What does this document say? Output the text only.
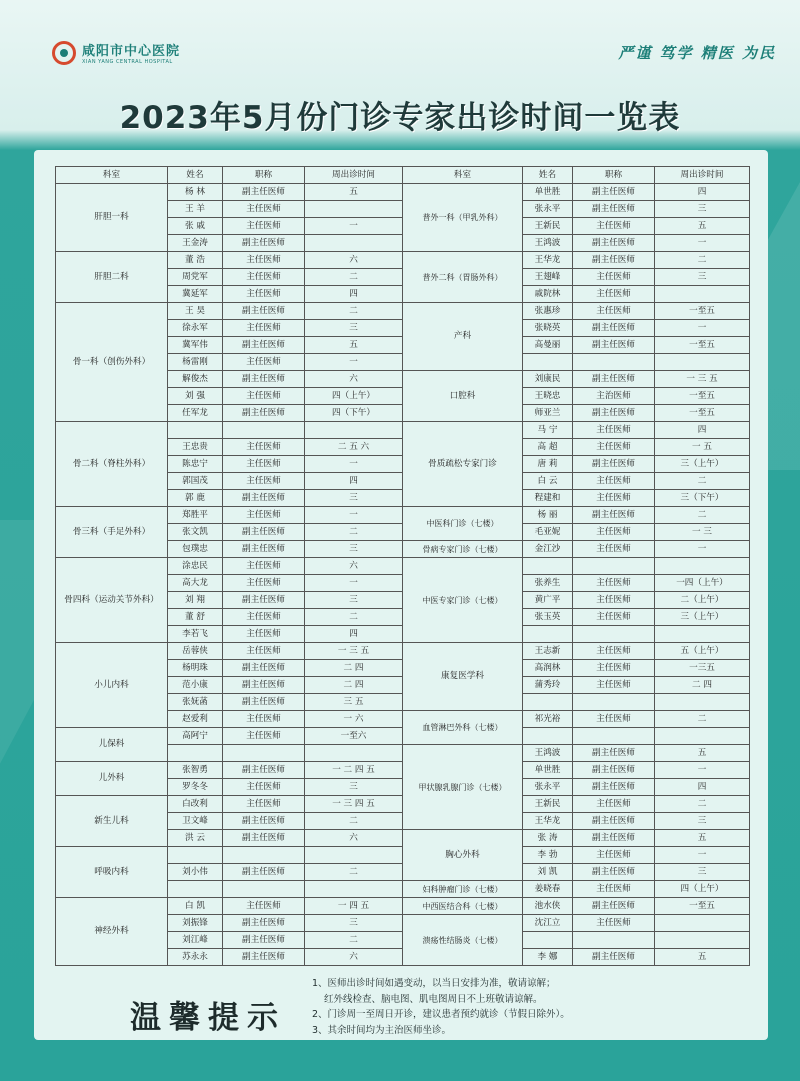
咸阳市中心医院
XIAN YANG CENTRAL HOSPITAL	严谨 笃学 精医 为民
2023年5月份门诊专家出诊时间一览表
科室	姓名	职称	周出诊时间	科室	姓名	职称	周出诊时间
肝胆一科	杨 林	副主任医师	五	普外一科（甲乳外科）	单世胜	副主任医师	四
	王 羊	主任医师			张永平	副主任医师	三
	张 戚	主任医师	一		王新民	主任医师	五
	王金涛	副主任医师			王鸿波	副主任医师	一
肝胆二科	董 浩	主任医师	六	普外二科（胃肠外科）	王华龙	副主任医师	二
	周党军	主任医师	二		王翅峰	主任医师	三
	冀延军	主任医师	四		戚院林	主任医师	
骨一科（创伤外科）	王 昊	副主任医师	二	产科	张惠珍	主任医师	一至五
	徐永军	主任医师	三		张晓英	副主任医师	一
	冀军伟	副主任医师	五		高曼丽	副主任医师	一至五
	杨雷刚	主任医师	一				
	解俊杰	副主任医师	六	口腔科	刘康民	副主任医师	一 三 五
	刘 强	主任医师	四（上午）		王晓忠	主治医师	一至五
	任军龙	副主任医师	四（下午）		师亚兰	副主任医师	一至五
骨二科（脊柱外科）				骨质疏松专家门诊	马 宁	主任医师	四
	王忠贵	主任医师	二 五 六		高 超	主任医师	一 五
	陈忠宁	主任医师	一		唐 莉	副主任医师	三（上午）
	郭国茂	主任医师	四		白 云	主任医师	二
	郭 鹿	副主任医师	三		程建和	主任医师	三（下午）
骨三科（手足外科）	郑胜平	主任医师	一	中医科门诊（七楼）	杨 丽	副主任医师	二
	张文凯	副主任医师	二		毛亚妮	主任医师	一 三
	包璞忠	副主任医师	三	骨病专家门诊（七楼）	金江沙	主任医师	一
骨四科（运动关节外科）	涂忠民	主任医师	六	中医专家门诊（七楼）			
	高大龙	主任医师	一		张养生	主任医师	一四（上午）
	刘 翔	副主任医师	三		黄广平	主任医师	二（上午）
	董 舒	主任医师	二		张玉英	主任医师	三（上午）
	李若飞	主任医师	四				
小儿内科	岳蓉侠	主任医师	一 三 五	康复医学科	王志新	主任医师	五（上午）
	杨明珠	副主任医师	二 四		高润林	主任医师	一三五
	范小康	副主任医师	二 四		蒲秀玲	主任医师	二 四
	张妩菡	副主任医师	三 五				
	赵爱利	主任医师	一 六	血管淋巴外科（七楼）	祁光裕	主任医师	二
儿保科	高阿宁	主任医师	一至六				
				甲状腺乳腺门诊（七楼）	王鸿波	副主任医师	五
儿外科	张智勇	副主任医师	一 二 四 五		单世胜	副主任医师	一
	罗冬冬	主任医师	三		张永平	副主任医师	四
新生儿科	白改利	主任医师	一 三 四 五		王新民	主任医师	二
	卫文峰	副主任医师	二		王华龙	副主任医师	三
	洪 云	副主任医师	六	胸心外科	张 涛	副主任医师	五
呼吸内科					李 勃	主任医师	一
	刘小伟	副主任医师	二		刘 凯	副主任医师	三
				妇科肿瘤门诊（七楼）	姜晓春	主任医师	四（上午）
神经外科	白 凯	主任医师	一 四 五	中西医结合科（七楼）	池水侠	副主任医师	一至五
	刘振锋	副主任医师	三	溃疡性结肠炎（七楼）	沈江立	主任医师	
	刘江峰	副主任医师	二				
	苏永永	副主任医师	六		李 娜	副主任医师	五
温馨提示
1、医师出诊时间如遇变动，以当日安排为准，敬请谅解；
红外线检查、脑电图、肌电图周日不上班敬请谅解。
2、门诊周一至周日开诊，建议患者预约就诊（节假日除外）。
3、其余时间均为主治医师坐诊。
